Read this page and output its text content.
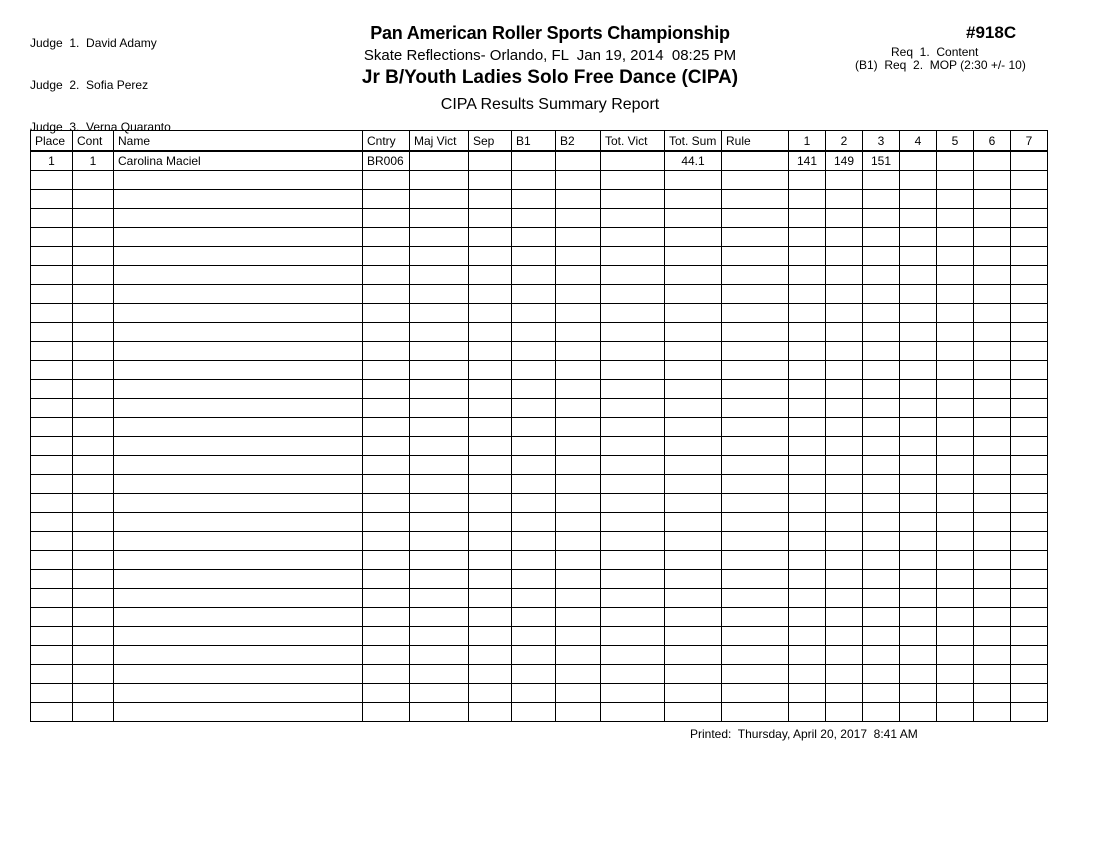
Judge  1.  David Adamy

Judge  2.  Sofia Perez

Judge  3.  Verna Quaranto

Pan American Roller Sports Championship
Skate Reflections- Orlando, FL  Jan 19, 2014  08:25 PM
Jr B/Youth Ladies Solo Free Dance (CIPA)
CIPA Results Summary Report
#918C
Req  1.  Content
(B1)  Req  2.  MOP (2:30 +/- 10)
Place	Cont	Name	Cntry	Maj Vict	Sep	B1	B2	Tot. Vict	Tot. Sum	Rule	1	2	3	4	5	6	7
1	1	Carolina Maciel	BR006						44.1		141	149	151				

Printed:  Thursday, April 20, 2017  8:41 AM
